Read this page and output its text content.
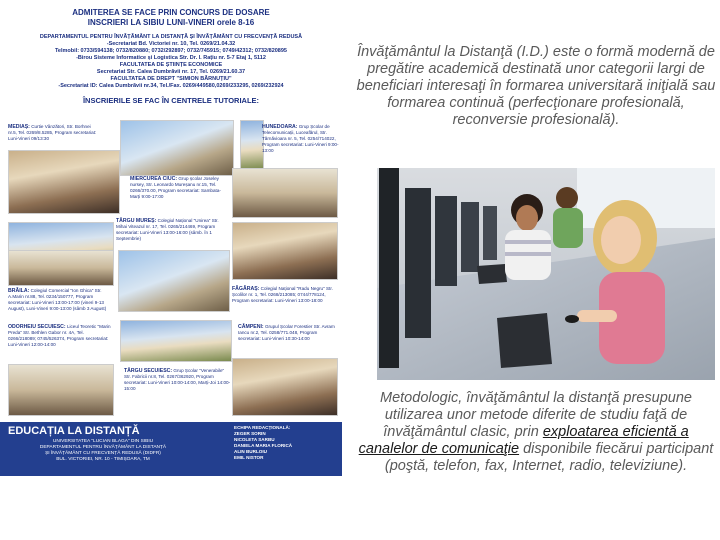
ADMITEREA SE FACE PRIN CONCURS DE DOSARE
INSCRIERI LA SIBIU LUNI-VINERI orele 8-16
DEPARTAMENTUL PENTRU ÎNVĂȚĂMÂNT LA DISTANȚĂ ȘI ÎNVĂȚĂMÂNT CU FRECVENȚĂ REDUSĂ
-Secretariat Bd. Victoriei nr. 10, Tel. 0269/21.04.32
Telmobil: 0733/594138; 0732/820880; 0732/292897; 0732/745915; 0749/42312; 0732/820895
-Birou Sisteme Informatice și Logistica Str. Dr. I. Rațiu nr. 5-7 Etaj 1, 5112
FACULTATEA DE ȘTIINȚE ECONOMICE
Secretariat Str. Calea Dumbrăvii nr. 17, Tel. 0269/21.60.37
FACULTATEA DE DREPT "SIMION BĂRNUȚIU"
-Secretariat ID: Calea Dumbrăvii nr.34, Tel./Fax. 0269/449580,0269/233295, 0269/232924
ÎNSCRIERILE SE FAC ÎN CENTRELE TUTORIALE:
MEDIAȘ: Curtie Vânzători, Str. Borhnei nr.5, Tel. 0269/8.5285, Program secretariat: Luni-Vineri 09/13:30
HUNEDOARA: Grup Școlar de Telecomunicații, Luceafărul, Str. Tărnăvioara nr. 5, Tel. 0254/714022, Program secretariat: Luni-Vineri 9:00-13:00
MIERCUREA CIUC: Grup școlar Joseley nursey, Str. Leonardo Mureșanu nr.15, Tel. 0266/370.00, Program secretariat: Sambata-Marți 9:00-17:00
TÂRGU MUREȘ: Colegiul Național "Unirea" Str. Mihai Viteazul nr. 17, Tel. 0265/214469, Program secretariat: Luni-Vineri 13:00-16:00 (sâmb. în 1 Septembrie)
BRĂILA: Colegiul Comercial "Ion Ghica" Str. A.Marin nr.88, Tel. 0234/150777, Program secretariat: Luni-Vineri 13:00-17:00 (vineri 9-13 August), Luni-Vineri 9:00-13:00 (sâmb 3 August)
FĂGĂRAȘ: Colegiul Național "Radu Negru" Str. Școlilor nr. 1, Tel. 0268/213085; 0744/778124, Program secretariat: Luni-Vineri 13:00-18:00
ODORHEIU SECUIESC: Liceul Teoretic "Marin Preda" Str. Bethlen Gabor nr. 4A, Tel. 0266/218089; 0745/526374, Program secretariat: Luni-Vineri 12:00-14:00
CÂMPENI: Grupul Școlar Forestier Str. Avram Iancu nr.2, Tel. 0258/771.048, Program secretariat: Luni-Vineri 10:30-14:00
TÂRGU SECUIESC: Grup Școlar "Venerabile" Str. Fabricii nr.8, Tel. 0267/362920, Program secretariat: Luni-Vineri 10:00-14:00, Marți-Joi 14:00-15:00
EDUCAȚIA LA DISTANȚĂ
UNIVERSITATEA "LUCIAN BLAGA" DIN SIBIU
DEPARTAMENTUL PENTRU ÎNVĂȚĂMÂNT LA DISTANȚĂ
ȘI ÎNVĂȚĂMÂNT CU FRECVENȚĂ REDUSĂ (DIDFR)
BUL. VICTORIEI, NR. 10 - TIMIȘOARA, TM
ECHIPA REDACȚIONALĂ:
ZEGER SORIN
NICOLETA SARBU
DANIELA MARIA FLORICĂ
ALIN BURLOIU
EMIL NISTOR
Învăţământul la Distanţă (I.D.) este o formă modernă de pregătire academică destinată unor categorii largi de beneficiari interesaţi în formarea universitară iniţială sau formarea continuă (perfecţionare profesională, reconversie profesională).
Metodologic, învăţământul la distanţă presupune utilizarea unor metode diferite de studiu faţă de învăţământul clasic, prin exploatarea eficientă a canalelor de comunicaţie disponibile fiecărui participant (poştă, telefon, fax, Internet, radio, televiziune).
